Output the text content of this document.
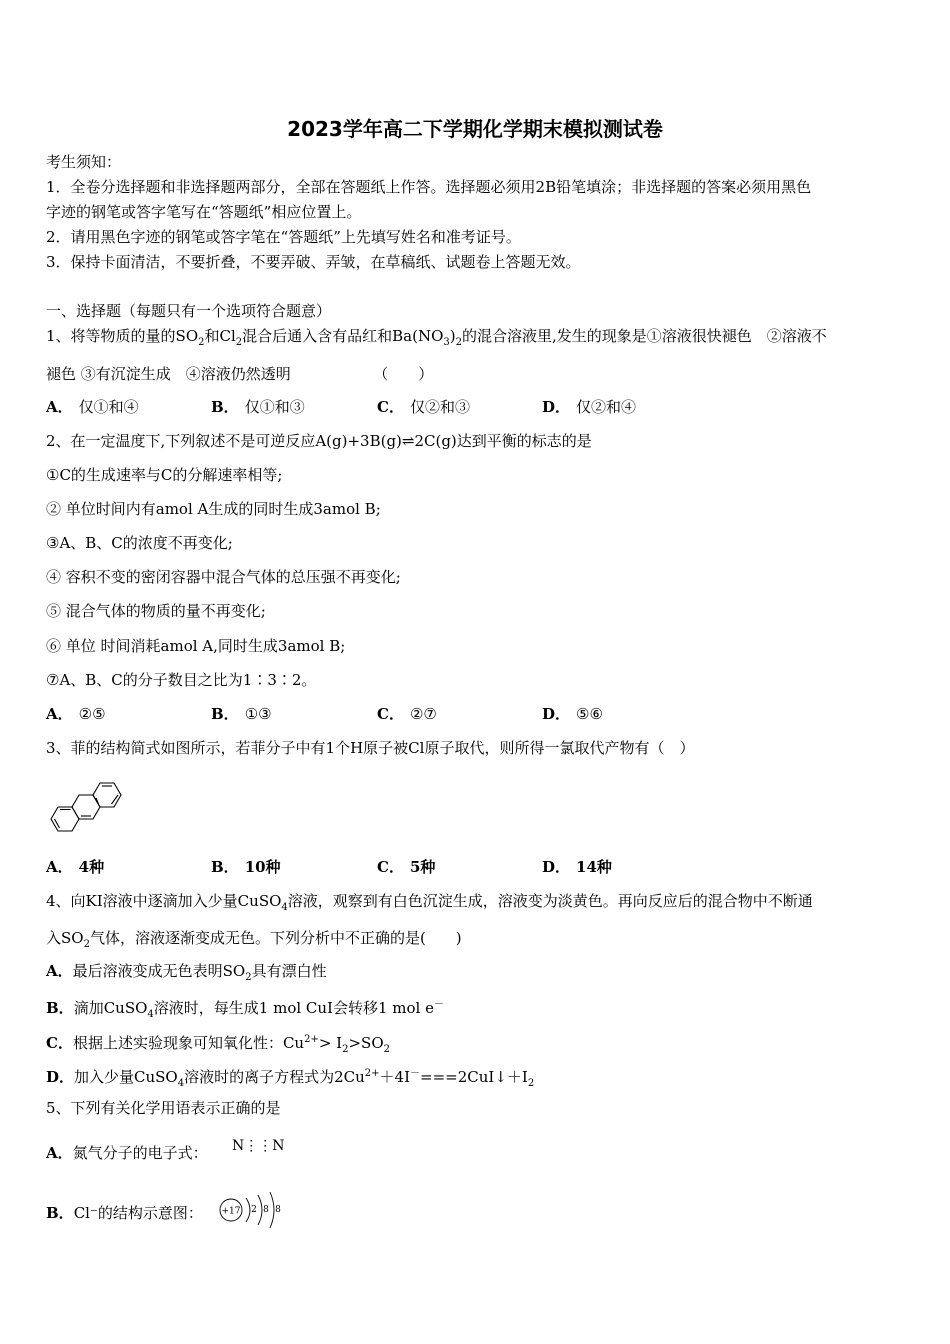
2023学年高二下学期化学期末模拟测试卷
考生须知：
1．全卷分选择题和非选择题两部分，全部在答题纸上作答。选择题必须用2B铅笔填涂；非选择题的答案必须用黑色
字迹的钢笔或答字笔写在“答题纸”相应位置上。
2．请用黑色字迹的钢笔或答字笔在“答题纸”上先填写姓名和准考证号。
3．保持卡面清洁，不要折叠，不要弄破、弄皱，在草稿纸、试题卷上答题无效。
一、选择题（每题只有一个选项符合题意）
1、将等物质的量的$SO_2$和$Cl_2$混合后通入含有品红和$Ba(NO_3)_2$的混合溶液里,发生的现象是①溶液很快褪色　②溶液不
褪色 ③有沉淀生成　④溶液仍然透明　　　　　　（　　）
A． 仅①和④	B． 仅①和③	C． 仅②和③	D． 仅②和④
2、在一定温度下,下列叙述不是可逆反应A(g)+3B(g)⇌2C(g)达到平衡的标志的是
①C的生成速率与C的分解速率相等;
② 单位时间内有amol A生成的同时生成3amol B;
③A、B、C的浓度不再变化;
④ 容积不变的密闭容器中混合气体的总压强不再变化;
⑤ 混合气体的物质的量不再变化;
⑥ 单位 时间消耗amol A,同时生成3amol B;
⑦A、B、C的分子数目之比为1∶3∶2。
A． ②⑤	B． ①③	C． ②⑦	D． ⑤⑥
3、菲的结构简式如图所示，若菲分子中有1个H原子被Cl原子取代，则所得一氯取代产物有（　）
A． 4种	B． 10种	C． 5种	D． 14种
4、向KI溶液中逐滴加入少量CuSO$_4$溶液，观察到有白色沉淀生成，溶液变为淡黄色。再向反应后的混合物中不断通
入$SO_2$气体，溶液逐渐变成无色。下列分析中不正确的是(　　)
A．最后溶液变成无色表明$SO_2$具有漂白性
B．滴加CuSO$_4$溶液时，每生成1 mol CuI会转移1 mol e－
C．根据上述实验现象可知氧化性：$Cu^{2+}> I_2>SO_2$
D．加入少量CuSO$_4$溶液时的离子方程式为$2Cu^{2+}+4I^-===2CuI↓+I_2$
5、下列有关化学用语表示正确的是
A．氮气分子的电子式： N⋮⋮N
B．Cl⁻的结构示意图： +17 2 8 8
